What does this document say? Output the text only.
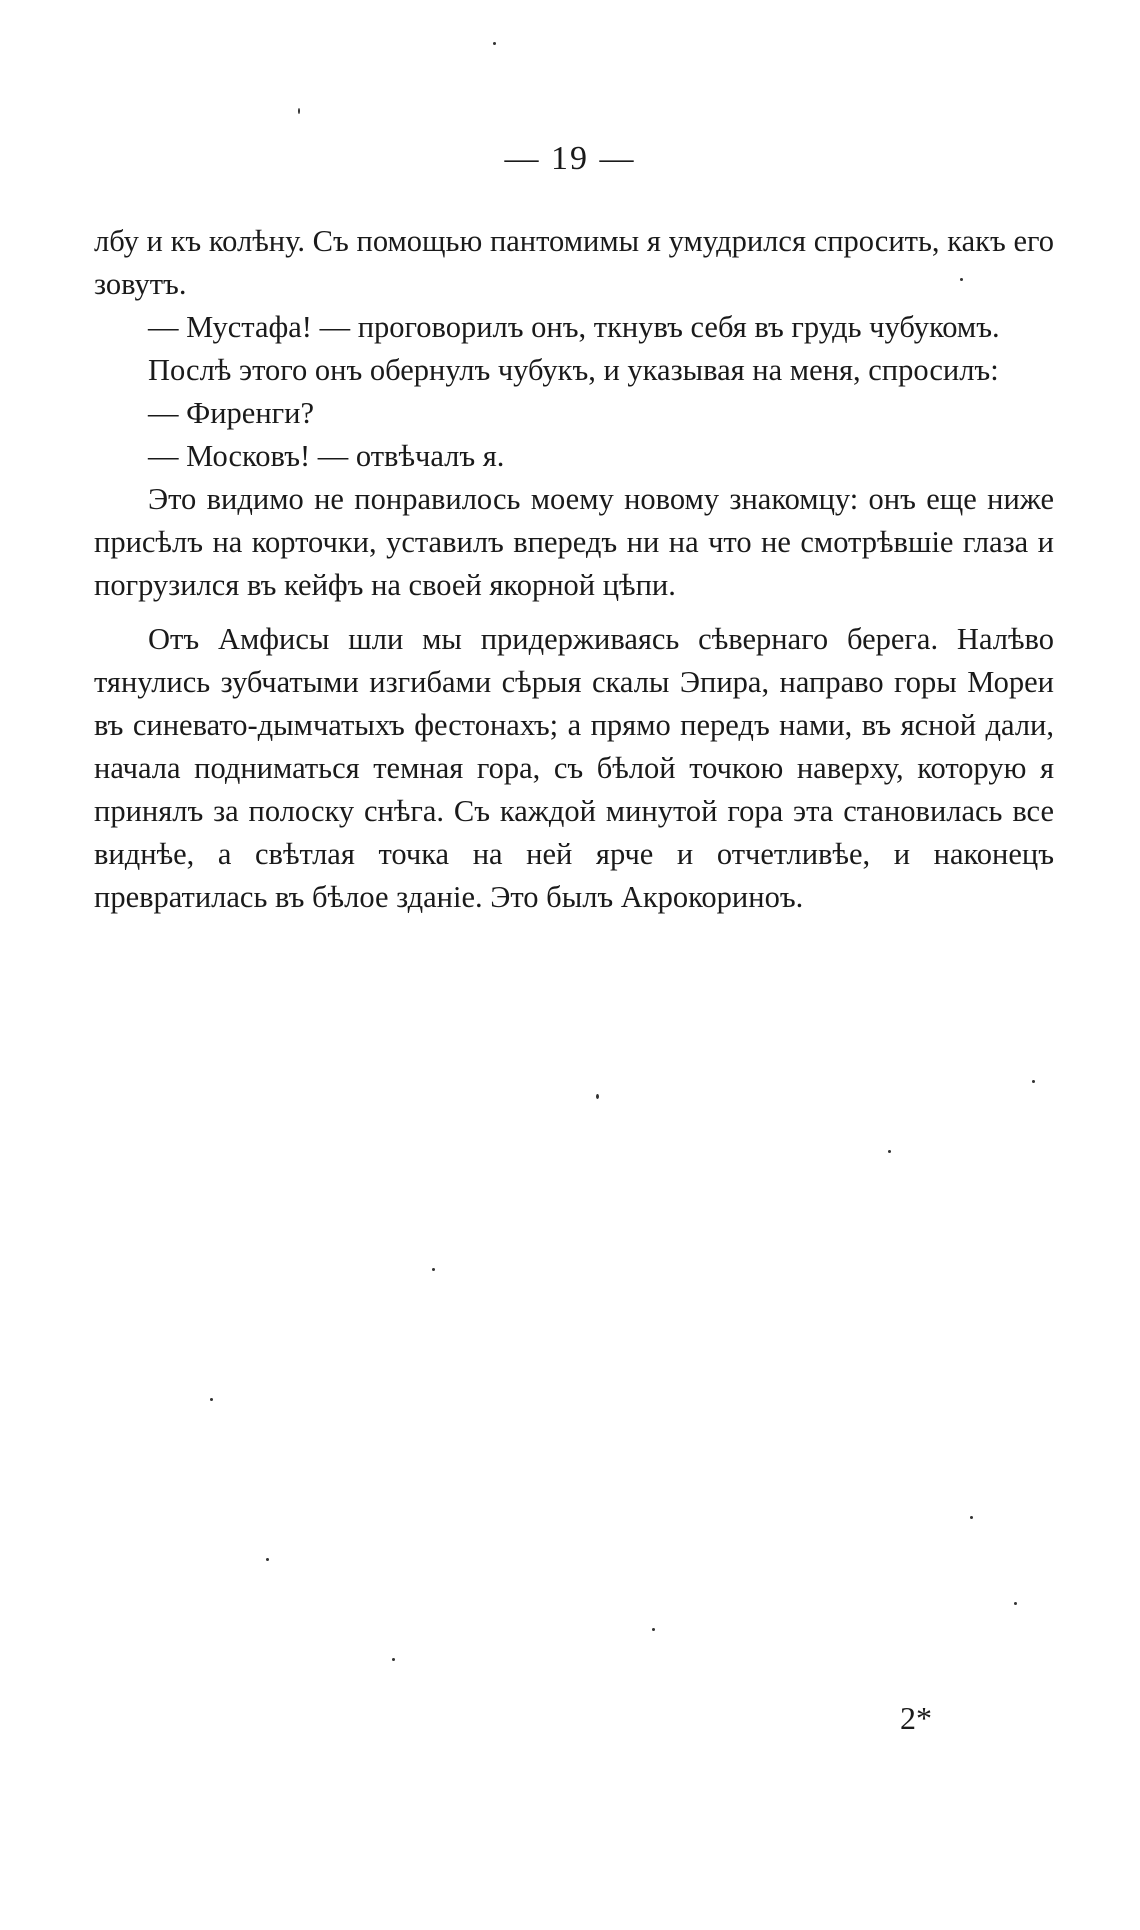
— 19 —

лбу и къ колѣну. Съ помощью пантомимы я умудрился спросить, какъ его зовутъ.

— Мустафа! — проговорилъ онъ, ткнувъ себя въ грудь чубукомъ.

Послѣ этого онъ обернулъ чубукъ, и указывая на меня, спросилъ:

— Фиренги?

— Московъ! — отвѣчалъ я.

Это видимо не понравилось моему новому знакомцу: онъ еще ниже присѣлъ на корточки, уставилъ впередъ ни на что не смотрѣвшіе глаза и погрузился въ кейфъ на своей якорной цѣпи.

Отъ Амфисы шли мы придерживаясь сѣвернаго берега. Налѣво тянулись зубчатыми изгибами сѣрыя скалы Эпира, направо горы Мореи въ синевато-дымчатыхъ фестонахъ; а прямо передъ нами, въ ясной дали, начала подниматься темная гора, съ бѣлой точкою наверху, которую я принялъ за полоску снѣга. Съ каждой минутой гора эта становилась все виднѣе, а свѣтлая точка на ней ярче и отчетливѣе, и наконецъ превратилась въ бѣлое зданіе. Это былъ Акрокориноъ.

2*
